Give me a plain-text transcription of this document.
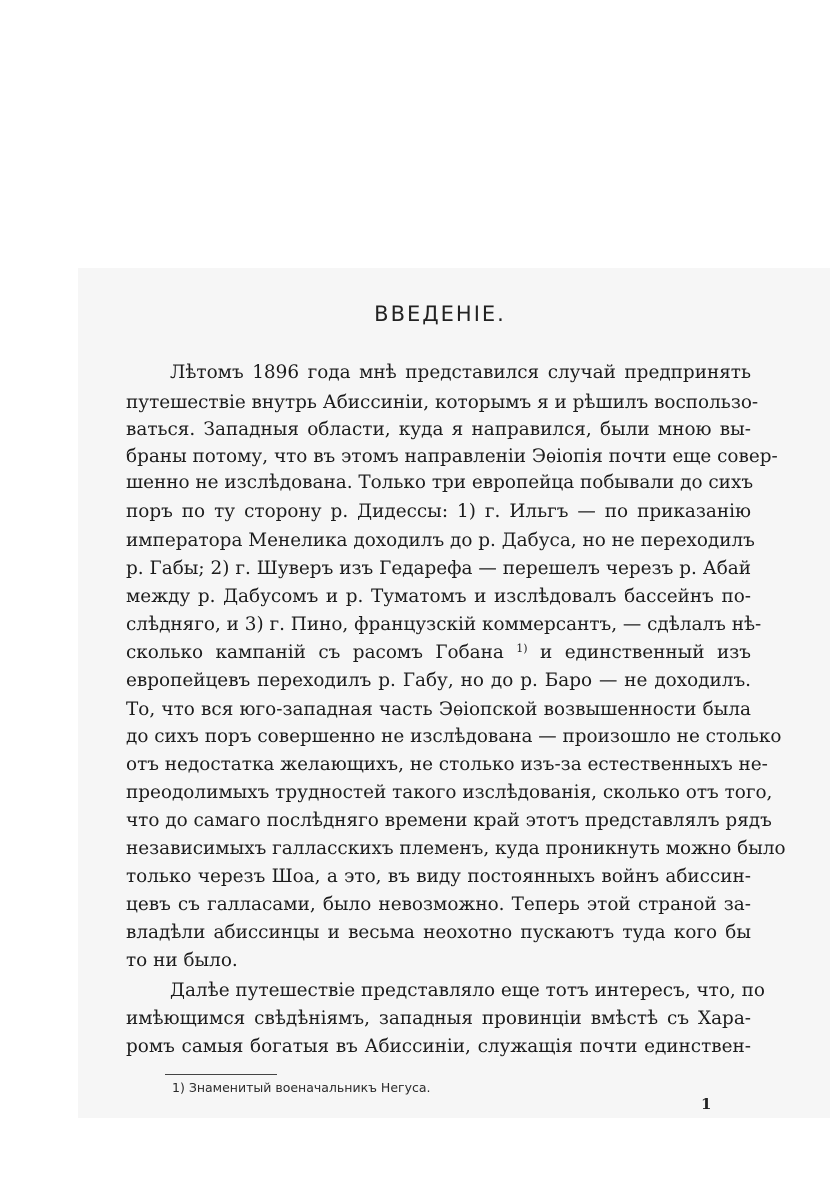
ВВЕДЕНІЕ.
Лѣтомъ 1896 года мнѣ представился случай предпринять
путешествіе внутрь Абиссиніи, которымъ я и рѣшилъ воспользо-
ваться. Западныя области, куда я направился, были мною вы-
браны потому, что въ этомъ направленіи Эѳіопія почти еще совер-
шенно не изслѣдована. Только три европейца побывали до сихъ
поръ по ту сторону р. Дидессы: 1) г. Ильгъ — по приказанію
императора Менелика доходилъ до р. Дабуса, но не переходилъ
р. Габы; 2) г. Шуверъ изъ Гедарефа — перешелъ черезъ р. Абай
между р. Дабусомъ и р. Туматомъ и изслѣдовалъ бассейнъ по-
слѣдняго, и 3) г. Пино, французскій коммерсантъ, — сдѣлалъ нѣ-
сколько кампаній съ расомъ Гобана $^{1)}$ и единственный изъ
европейцевъ переходилъ р. Габу, но до р. Баро — не доходилъ.
То, что вся юго-западная часть Эѳіопской возвышенности была
до сихъ поръ совершенно не изслѣдована — произошло не столько
отъ недостатка желающихъ, не столько изъ-за естественныхъ не-
преодолимыхъ трудностей такого изслѣдованія, сколько отъ того,
что до самаго послѣдняго времени край этотъ представлялъ рядъ
независимыхъ галласскихъ племенъ, куда проникнуть можно было
только черезъ Шоа, а это, въ виду постоянныхъ войнъ абиссин-
цевъ съ галласами, было невозможно. Теперь этой страной за-
владѣли абиссинцы и весьма неохотно пускаютъ туда кого бы
то ни было.
Далѣе путешествіе представляло еще тотъ интересъ, что, по
имѣющимся свѣдѣніямъ, западныя провинціи вмѣстѣ съ Хара-
ромъ самыя богатыя въ Абиссиніи, служащія почти единствен-
1) Знаменитый военачальникъ Негуса.
1
